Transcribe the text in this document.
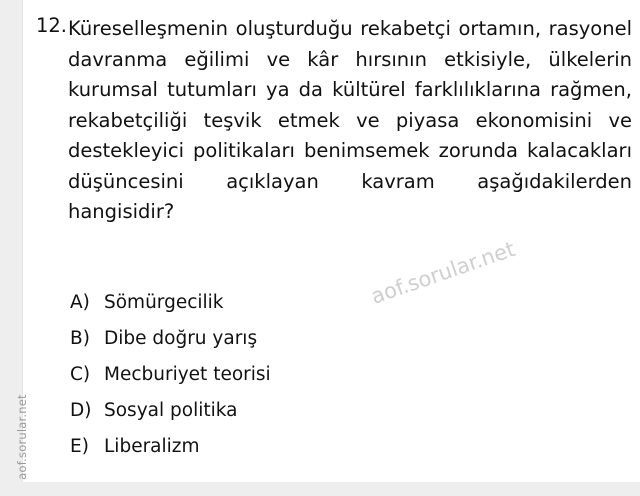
aof.sorular.net
12. Küreselleşmenin oluşturduğu rekabetçi ortamın, rasyonel davranma eğilimi ve kâr hırsının etkisiyle, ülkelerin kurumsal tutumları ya da kültürel farklılıklarına rağmen, rekabetçiliği teşvik etmek ve piyasa ekonomisini ve destekleyici politikaları benimsemek zorunda kalacakları düşüncesini açıklayan kavram aşağıdakilerden hangisidir?
A) Sömürgecilik
B) Dibe doğru yarış
C) Mecburiyet teorisi
D) Sosyal politika
E) Liberalizm
aof.sorular.net
